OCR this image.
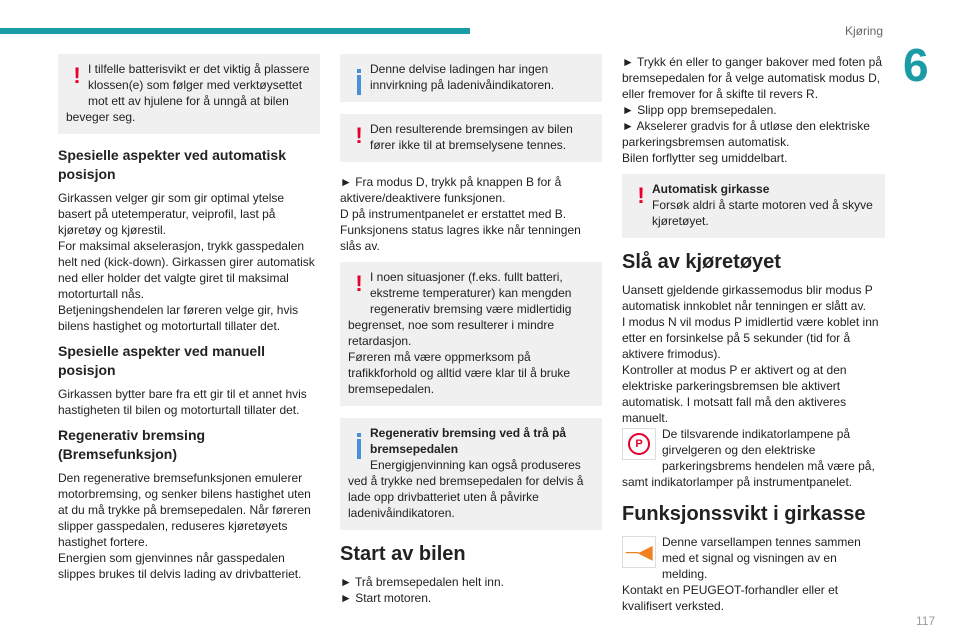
Kjøring
6
117
! I tilfelle batterisvikt er det viktig å plassere klossen(e) som følger med verktøysettet mot ett av hjulene for å unngå at bilen beveger seg.
Spesielle aspekter ved automatisk posisjon

Girkassen velger gir som gir optimal ytelse basert på utetemperatur, veiprofil, last på kjøretøy og kjørestil.

For maksimal akselerasjon, trykk gasspedalen helt ned (kick-down). Girkassen girer automatisk ned eller holder det valgte giret til maksimal motorturtall nås.

Betjeningshendelen lar føreren velge gir, hvis bilens hastighet og motorturtall tillater det.

Spesielle aspekter ved manuell posisjon

Girkassen bytter bare fra ett gir til et annet hvis hastigheten til bilen og motorturtall tillater det.

Regenerativ bremsing (Bremsefunksjon)

Den regenerative bremsefunksjonen emulerer motorbremsing, og senker bilens hastighet uten at du må trykke på bremsepedalen. Når føreren slipper gasspedalen, reduseres kjøretøyets hastighet fortere.

Energien som gjenvinnes når gasspedalen slippes brukes til delvis lading av drivbatteriet.

Denne delvise ladingen har ingen innvirkning på ladenivåindikatoren.
! Den resulterende bremsingen av bilen fører ikke til at bremselysene tennes.

► Fra modus D, trykk på knappen B for å aktivere/deaktivere funksjonen.

D på instrumentpanelet er erstattet med B.

Funksjonens status lagres ikke når tenningen slås av.

! I noen situasjoner (f.eks. fullt batteri, ekstreme temperaturer) kan mengden regenerativ bremsing være midlertidig begrenset, noe som resulterer i mindre retardasjon.
Føreren må være oppmerksom på trafikkforhold og alltid være klar til å bruke bremsepedalen.
Regenerativ bremsing ved å trå på bremsepedalen
Energigjenvinning kan også produseres ved å trykke ned bremsepedalen for delvis å lade opp drivbatteriet uten å påvirke ladenivåindikatoren.
Start av bilen

► Trå bremsepedalen helt inn.

► Start motoren.

► Trykk én eller to ganger bakover med foten på bremsepedalen for å velge automatisk modus D, eller fremover for å skifte til revers R.

► Slipp opp bremsepedalen.

► Akselerer gradvis for å utløse den elektriske parkeringsbremsen automatisk.

Bilen forflytter seg umiddelbart.

! Automatisk girkasse
Forsøk aldri å starte motoren ved å skyve kjøretøyet.
Slå av kjøretøyet

Uansett gjeldende girkassemodus blir modus P automatisk innkoblet når tenningen er slått av.

I modus N vil modus P imidlertid være koblet inn etter en forsinkelse på 5 sekunder (tid for å aktivere frimodus).

Kontroller at modus P er aktivert og at den elektriske parkeringsbremsen ble aktivert automatisk. I motsatt fall må den aktiveres manuelt.

P
De tilsvarende indikatorlampene på girvelgeren og den elektriske parkeringsbrems hendelen må være på, samt indikatorlamper på instrumentpanelet.

Funksjonssvikt i girkasse

─◀ Denne varsellampen tennes sammen med et signal og visningen av en melding.

Kontakt en PEUGEOT-forhandler eller et kvalifisert verksted.
